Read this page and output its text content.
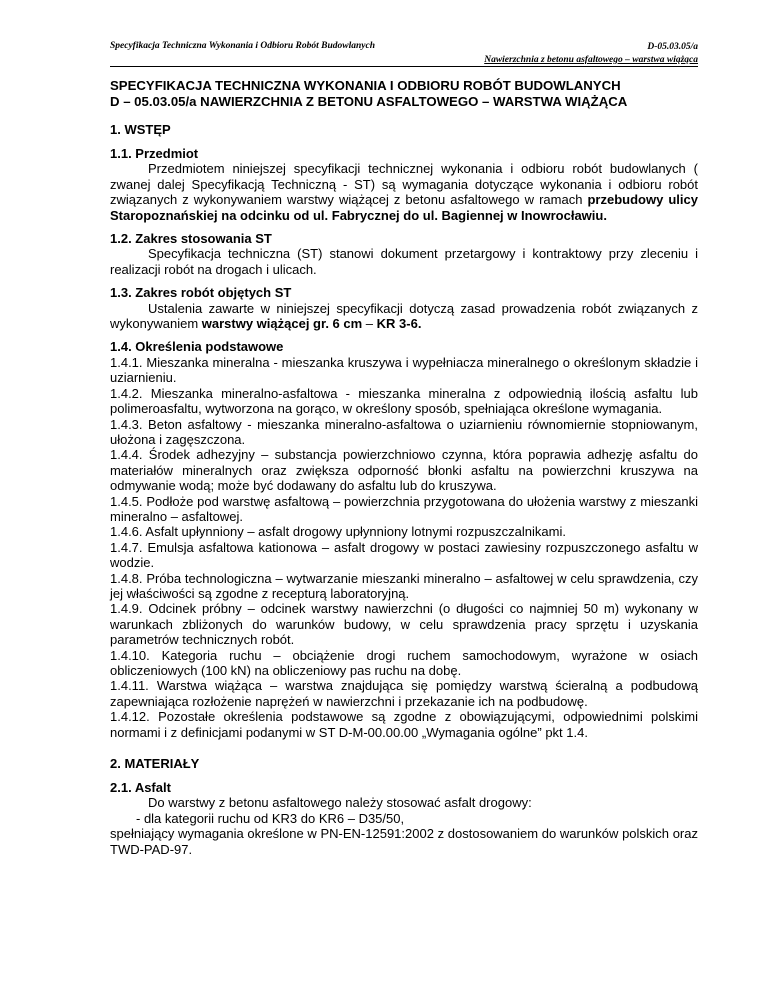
Specyfikacja Techniczna Wykonania i Odbioru Robót Budowlanych	D-05.03.05/a
Nawierzchnia z betonu asfaltowego – warstwa wiążąca
SPECYFIKACJA TECHNICZNA WYKONANIA I ODBIORU ROBÓT BUDOWLANYCH
D – 05.03.05/a NAWIERZCHNIA Z BETONU ASFALTOWEGO – WARSTWA WIĄŻĄCA
1. WSTĘP
1.1. Przedmiot

Przedmiotem niniejszej specyfikacji technicznej wykonania i odbioru robót budowlanych ( zwanej dalej Specyfikacją Techniczną - ST) są wymagania dotyczące wykonania i odbioru robót związanych z wykonywaniem warstwy wiążącej z betonu asfaltowego w ramach przebudowy ulicy Staropoznańskiej na odcinku od ul. Fabrycznej do ul. Bagiennej w Inowrocławiu.

1.2. Zakres stosowania ST

Specyfikacja techniczna (ST) stanowi dokument przetargowy i kontraktowy przy zleceniu i realizacji robót na drogach i ulicach.

1.3. Zakres robót objętych ST

Ustalenia zawarte w niniejszej specyfikacji dotyczą zasad prowadzenia robót związanych z wykonywaniem warstwy wiążącej gr. 6 cm – KR 3-6.

1.4. Określenia podstawowe

1.4.1. Mieszanka mineralna - mieszanka kruszywa i wypełniacza mineralnego o określonym składzie i uziarnieniu.

1.4.2. Mieszanka mineralno-asfaltowa - mieszanka mineralna z odpowiednią ilością asfaltu lub polimeroasfaltu, wytworzona na gorąco, w określony sposób, spełniająca określone wymagania.

1.4.3. Beton asfaltowy - mieszanka mineralno-asfaltowa o uziarnieniu równomiernie stopniowanym, ułożona i zagęszczona.

1.4.4. Środek adhezyjny – substancja powierzchniowo czynna, która poprawia adhezję asfaltu do materiałów mineralnych oraz zwiększa odporność błonki asfaltu na powierzchni kruszywa na odmywanie wodą; może być dodawany do asfaltu lub do kruszywa.

1.4.5. Podłoże pod warstwę asfaltową – powierzchnia przygotowana do ułożenia warstwy z mieszanki mineralno – asfaltowej.

1.4.6. Asfalt upłynniony – asfalt drogowy upłynniony lotnymi rozpuszczalnikami.

1.4.7. Emulsja asfaltowa kationowa – asfalt drogowy w postaci zawiesiny rozpuszczonego asfaltu w wodzie.

1.4.8. Próba technologiczna – wytwarzanie mieszanki mineralno – asfaltowej w celu sprawdzenia, czy jej właściwości są zgodne z recepturą laboratoryjną.

1.4.9. Odcinek próbny – odcinek warstwy nawierzchni (o długości co najmniej 50 m) wykonany w warunkach zbliżonych do warunków budowy, w celu sprawdzenia pracy sprzętu i uzyskania parametrów technicznych robót.

1.4.10. Kategoria ruchu – obciążenie drogi ruchem samochodowym, wyrażone w osiach obliczeniowych (100 kN) na obliczeniowy pas ruchu na dobę.

1.4.11. Warstwa wiążąca – warstwa znajdująca się pomiędzy warstwą ścieralną a podbudową zapewniająca rozłożenie naprężeń w nawierzchni i przekazanie ich na podbudowę.

1.4.12. Pozostałe określenia podstawowe są zgodne z obowiązującymi, odpowiednimi polskimi normami i z definicjami podanymi w ST D-M-00.00.00 „Wymagania ogólne” pkt 1.4.

2. MATERIAŁY
2.1. Asfalt

Do warstwy z betonu asfaltowego należy stosować asfalt drogowy:

- dla kategorii ruchu od KR3 do KR6 – D35/50,

spełniający wymagania określone w PN-EN-12591:2002 z dostosowaniem do warunków polskich oraz TWD-PAD-97.
